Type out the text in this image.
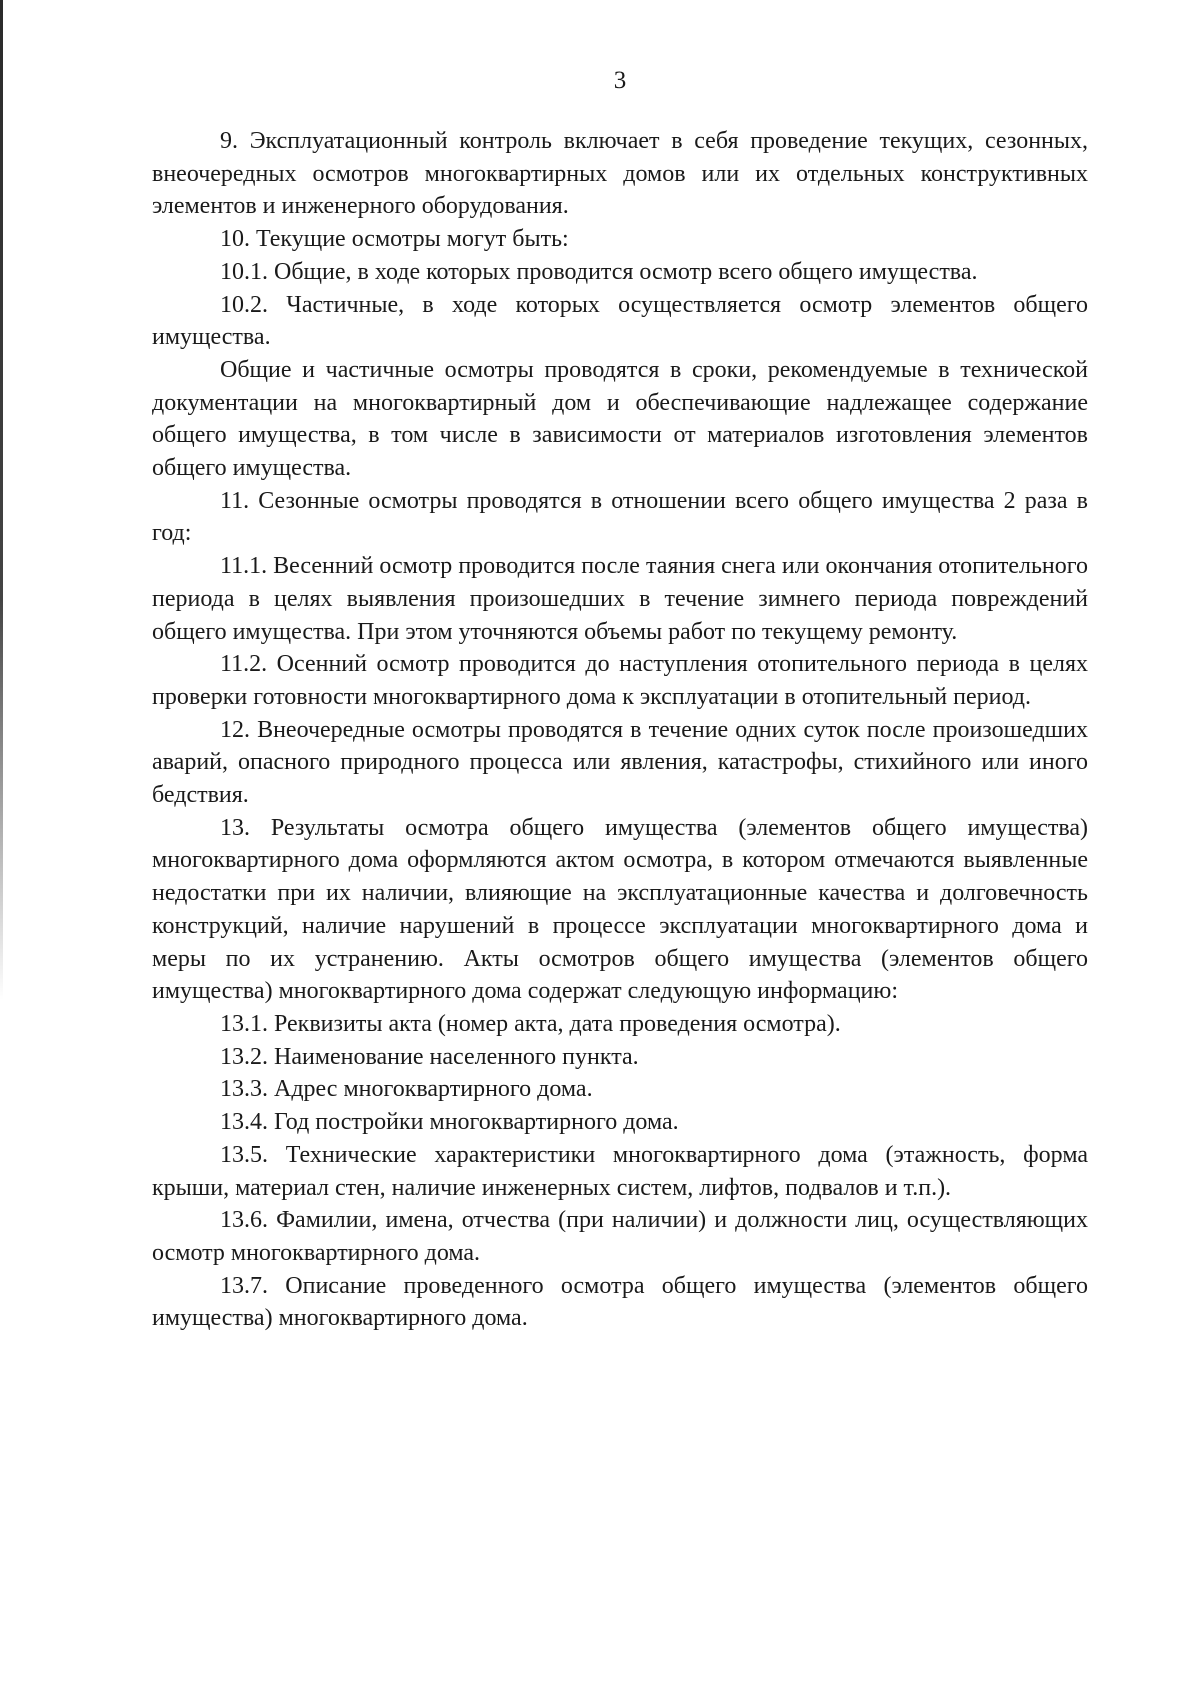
3

9. Эксплуатационный контроль включает в себя проведение текущих, сезонных, внеочередных осмотров многоквартирных домов или их отдельных конструктивных элементов и инженерного оборудования.

10. Текущие осмотры могут быть:

10.1. Общие, в ходе которых проводится осмотр всего общего имущества.

10.2. Частичные, в ходе которых осуществляется осмотр элементов общего имущества.

Общие и частичные осмотры проводятся в сроки, рекомендуемые в технической документации на многоквартирный дом и обеспечивающие надлежащее содержание общего имущества, в том числе в зависимости от материалов изготовления элементов общего имущества.

11. Сезонные осмотры проводятся в отношении всего общего имущества 2 раза в год:

11.1. Весенний осмотр проводится после таяния снега или окончания отопительного периода в целях выявления произошедших в течение зимнего периода повреждений общего имущества. При этом уточняются объемы работ по текущему ремонту.

11.2. Осенний осмотр проводится до наступления отопительного периода в целях проверки готовности многоквартирного дома к эксплуатации в отопительный период.

12. Внеочередные осмотры проводятся в течение одних суток после произошедших аварий, опасного природного процесса или явления, катастрофы, стихийного или иного бедствия.

13. Результаты осмотра общего имущества (элементов общего имущества) многоквартирного дома оформляются актом осмотра, в котором отмечаются выявленные недостатки при их наличии, влияющие на эксплуатационные качества и долговечность конструкций, наличие нарушений в процессе эксплуатации многоквартирного дома и меры по их устранению. Акты осмотров общего имущества (элементов общего имущества) многоквартирного дома содержат следующую информацию:

13.1. Реквизиты акта (номер акта, дата проведения осмотра).

13.2. Наименование населенного пункта.

13.3. Адрес многоквартирного дома.

13.4. Год постройки многоквартирного дома.

13.5. Технические характеристики многоквартирного дома (этажность, форма крыши, материал стен, наличие инженерных систем, лифтов, подвалов и т.п.).

13.6. Фамилии, имена, отчества (при наличии) и должности лиц, осуществляющих осмотр многоквартирного дома.

13.7. Описание проведенного осмотра общего имущества (элементов общего имущества) многоквартирного дома.
